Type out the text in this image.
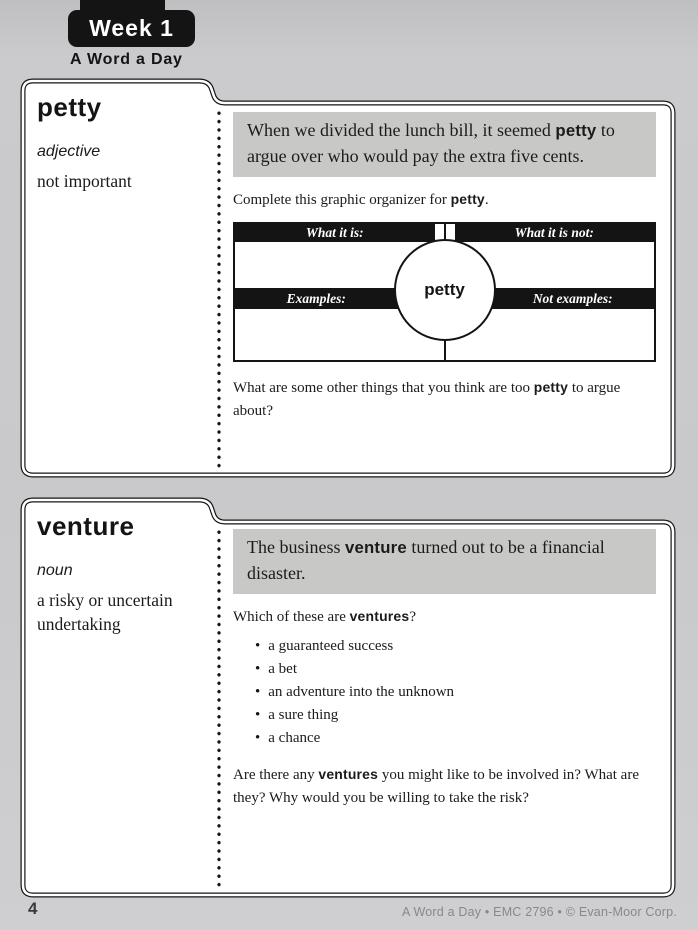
Week 1
A Word a Day

petty

adjective

not important

When we divided the lunch bill, it seemed petty to argue over who would pay the extra five cents.

Complete this graphic organizer for petty.

What it is:	What it is not:
Examples:	Not examples:
petty

What are some other things that you think are too petty to argue about?

venture

noun

a risky or uncertain undertaking

The business venture turned out to be a financial disaster.

Which of these are ventures?

• a guaranteed success
• a bet
• an adventure into the unknown
• a sure thing
• a chance

Are there any ventures you might like to be involved in? What are they? Why would you be willing to take the risk?

4	A Word a Day • EMC 2796 • © Evan-Moor Corp.
